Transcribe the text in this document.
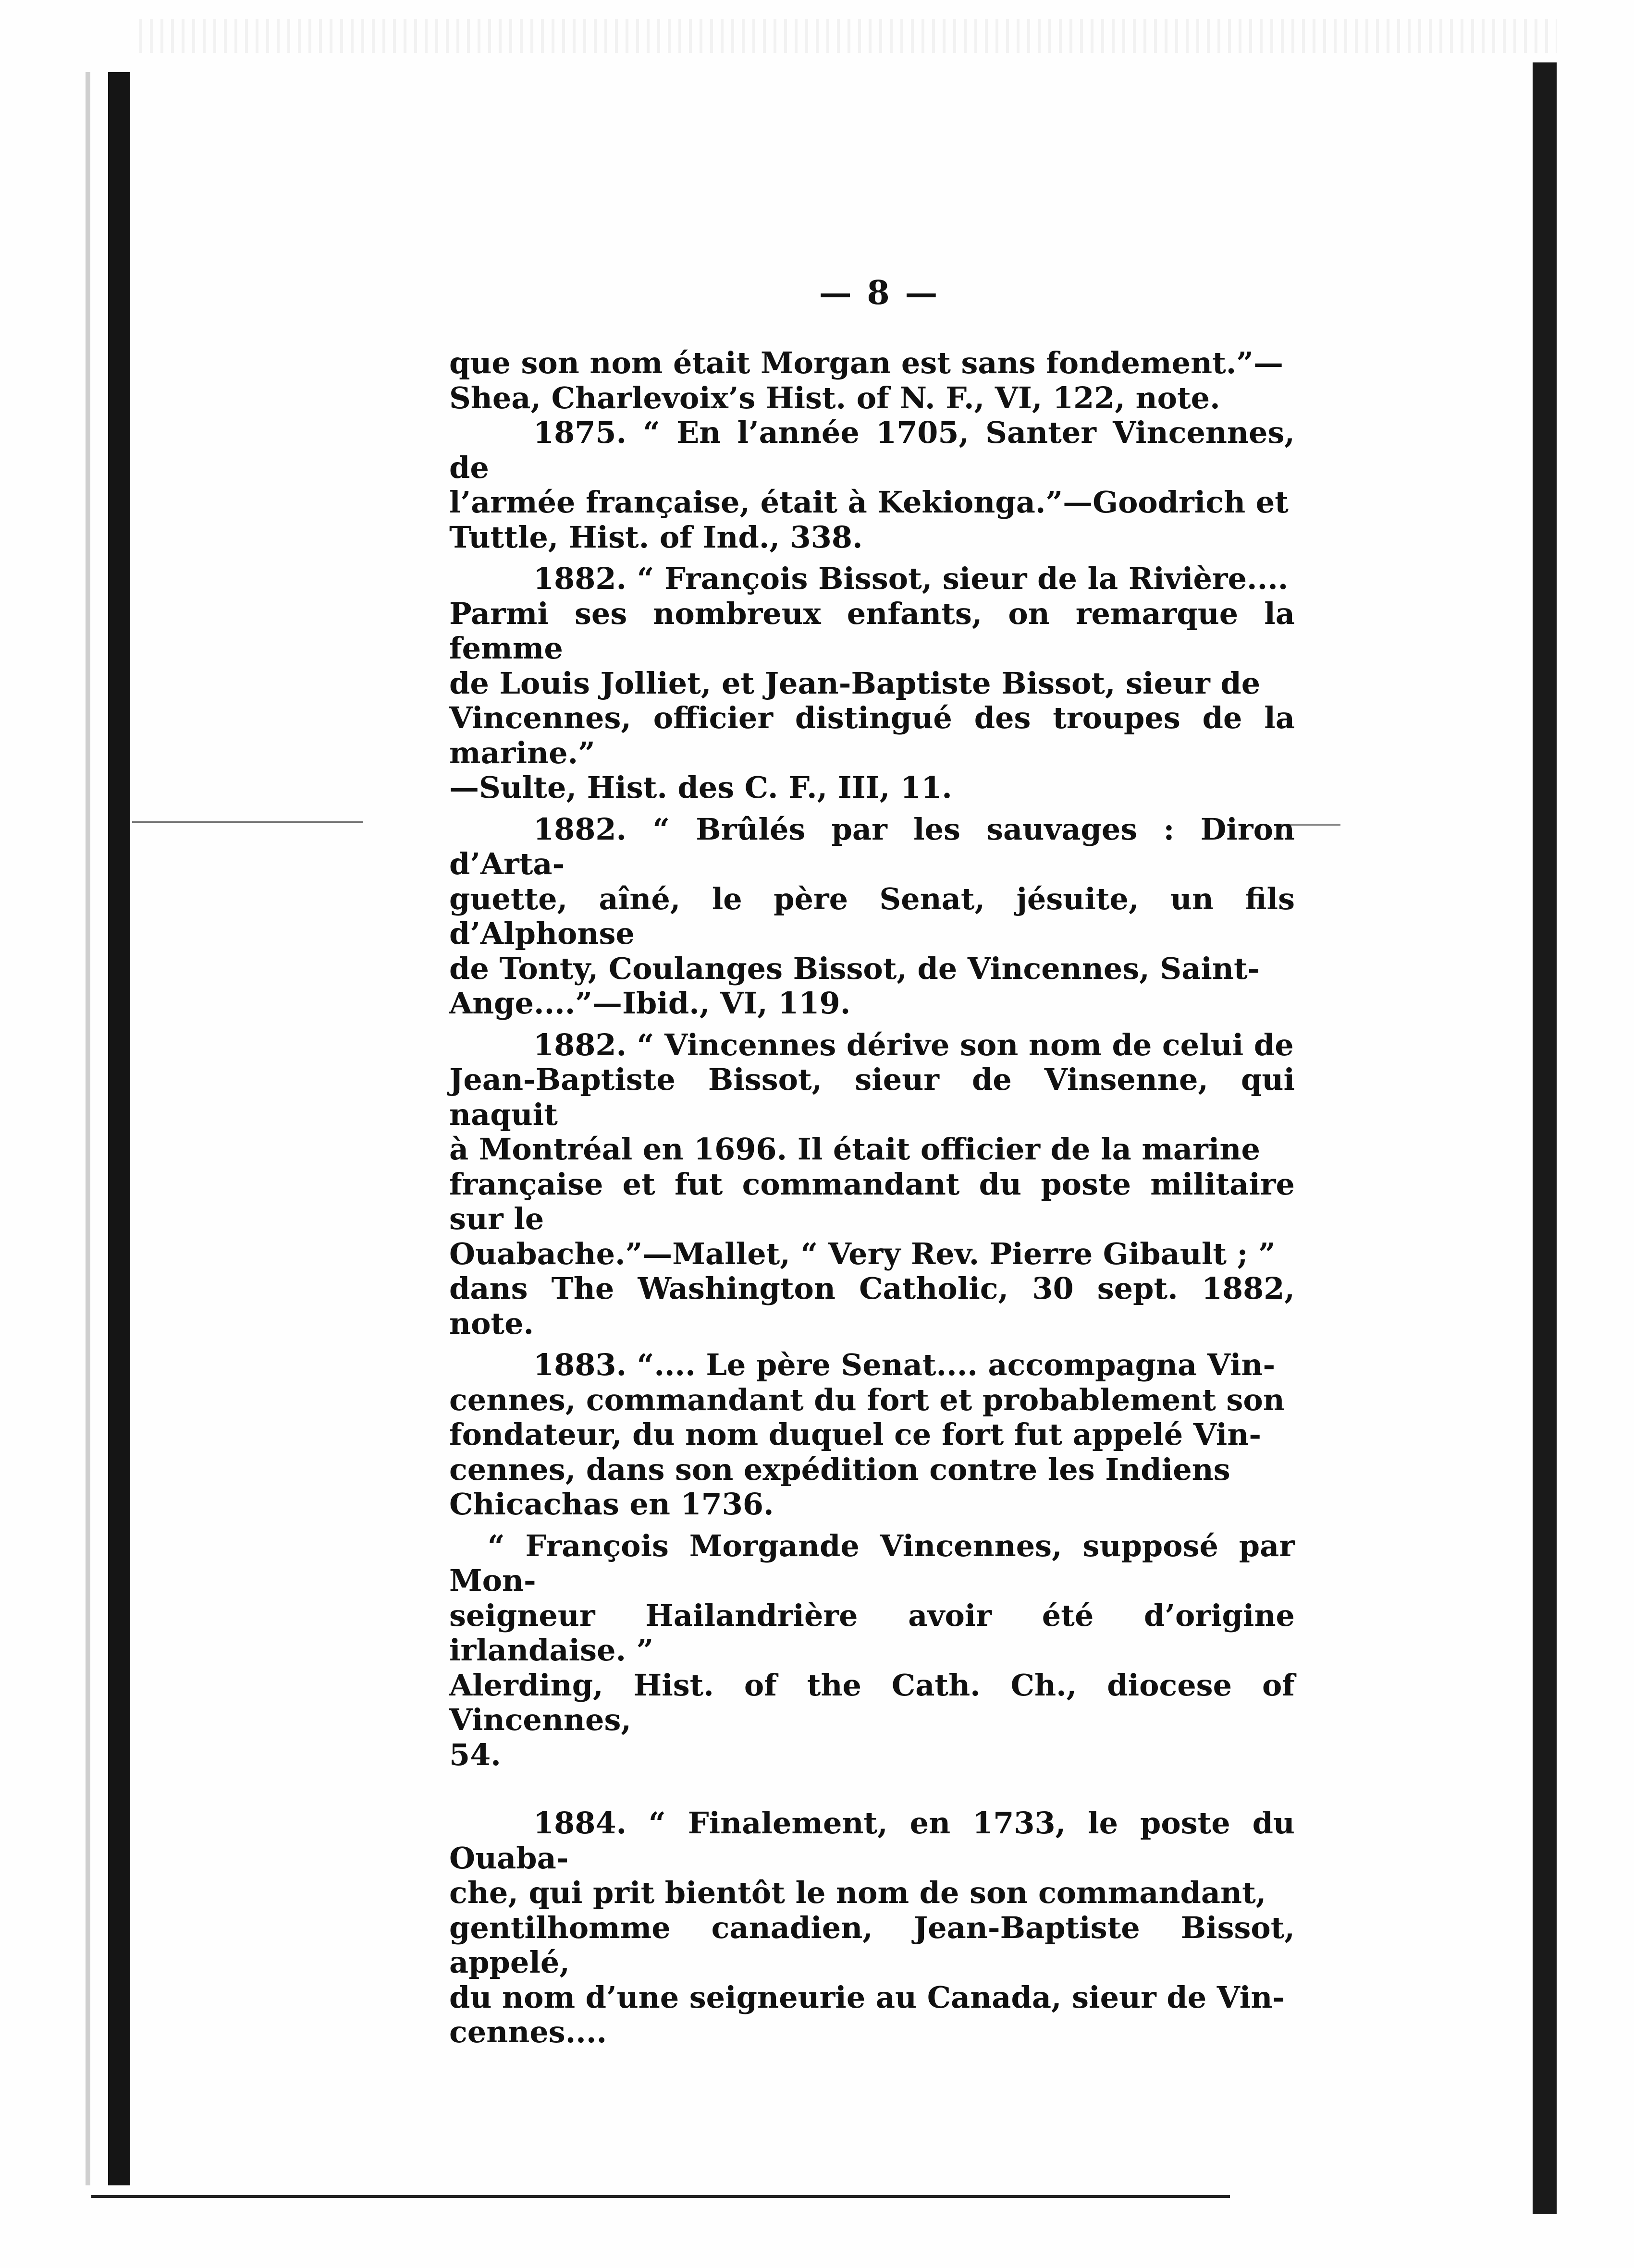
— 8 —
que son nom était Morgan est sans fondement.”—
Shea, Charlevoix’s Hist. of N. F., VI, 122, note.
1875. “ En l’année 1705, Santer Vincennes, de
l’armée française, était à Kekionga.”—Goodrich et
Tuttle, Hist. of Ind., 338.
1882. “ François Bissot, sieur de la Rivière....
Parmi ses nombreux enfants, on remarque la femme
de Louis Jolliet, et Jean-Baptiste Bissot, sieur de
Vincennes, officier distingué des troupes de la marine.”
—Sulte, Hist. des C. F., III, 11.
1882. “ Brûlés par les sauvages : Diron d’Arta-
guette, aîné, le père Senat, jésuite, un fils d’Alphonse
de Tonty, Coulanges Bissot, de Vincennes, Saint-
Ange....”—Ibid., VI, 119.
1882. “ Vincennes dérive son nom de celui de
Jean-Baptiste Bissot, sieur de Vinsenne, qui naquit
à Montréal en 1696. Il était officier de la marine
française et fut commandant du poste militaire sur le
Ouabache.”—Mallet, “ Very Rev. Pierre Gibault ; ”
dans The Washington Catholic, 30 sept. 1882, note.
1883. “.... Le père Senat.... accompagna Vin-
cennes, commandant du fort et probablement son
fondateur, du nom duquel ce fort fut appelé Vin-
cennes, dans son expédition contre les Indiens
Chicachas en 1736.
“ François Morgande Vincennes, supposé par Mon-
seigneur Hailandrière avoir été d’origine irlandaise. ”
Alerding, Hist. of the Cath. Ch., diocese of Vincennes,
54.
1884. “ Finalement, en 1733, le poste du Ouaba-
che, qui prit bientôt le nom de son commandant,
gentilhomme canadien, Jean-Baptiste Bissot, appelé,
du nom d’une seigneurie au Canada, sieur de Vin-
cennes....
